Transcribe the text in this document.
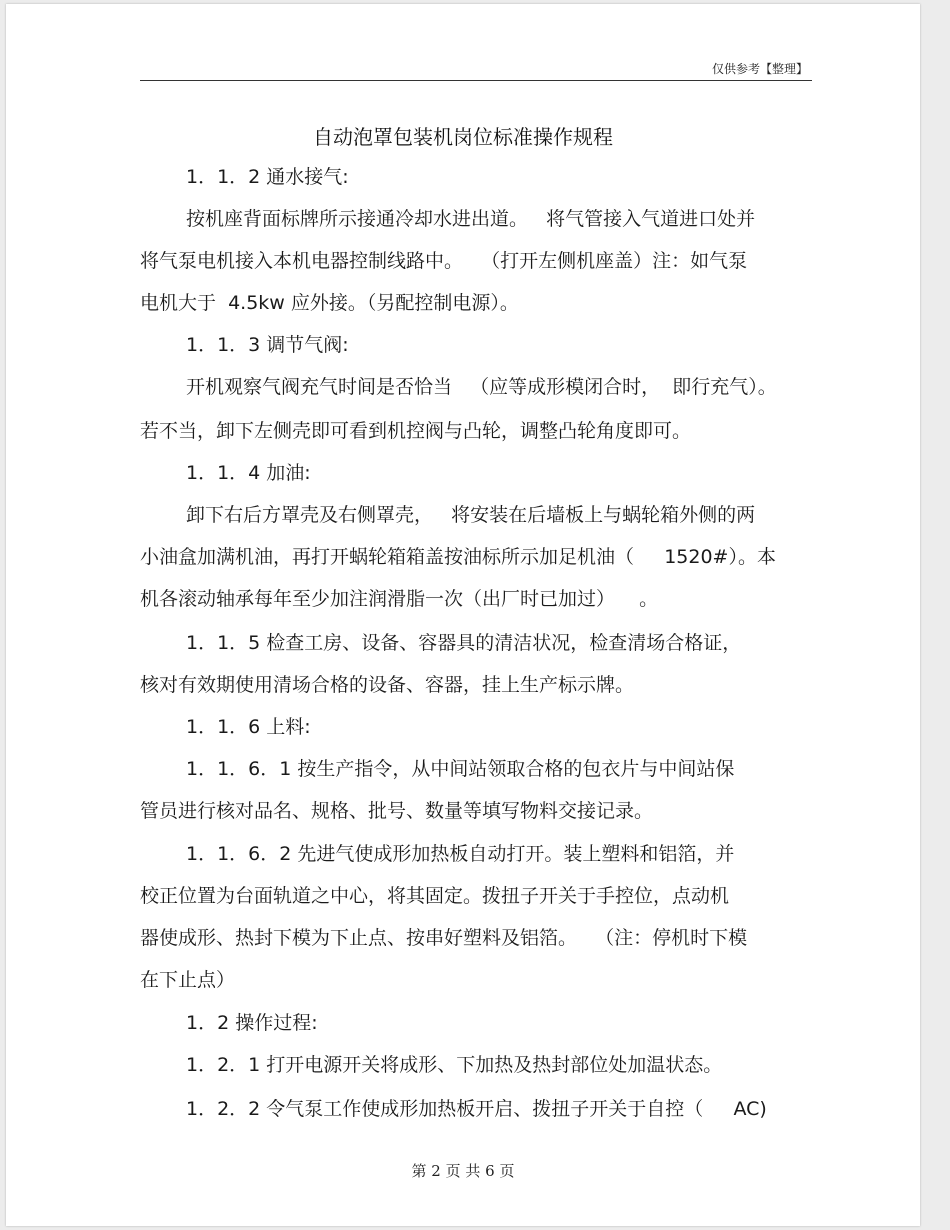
仅供参考【整理】
自动泡罩包装机岗位标准操作规程
1．1．2 通水接气:
按机座背面标牌所示接通冷却水进出道。   将气管接入气道进口处并
将气泵电机接入本机电器控制线路中。   （打开左侧机座盖）注：如气泵
电机大于  4.5kw 应外接。（另配控制电源）。
1．1．3 调节气阀:
开机观察气阀充气时间是否恰当   （应等成形模闭合时，  即行充气）。
若不当，卸下左侧壳即可看到机控阀与凸轮，调整凸轮角度即可。
1．1．4 加油:
卸下右后方罩壳及右侧罩壳，   将安装在后墙板上与蜗轮箱外侧的两
小油盒加满机油，再打开蜗轮箱箱盖按油标所示加足机油（     1520#）。本
机各滚动轴承每年至少加注润滑脂一次（出厂时已加过）    。
1．1．5 检查工房、设备、容器具的清洁状况，检查清场合格证，
核对有效期使用清场合格的设备、容器，挂上生产标示牌。
1．1．6 上料:
1．1．6．1 按生产指令，从中间站领取合格的包衣片与中间站保
管员进行核对品名、规格、批号、数量等填写物料交接记录。
1．1．6．2 先进气使成形加热板自动打开。装上塑料和铝箔，并
校正位置为台面轨道之中心，将其固定。拨扭子开关于手控位，点动机
器使成形、热封下模为下止点、按串好塑料及铝箔。   （注：停机时下模
在下止点）
1．2 操作过程:
1．2．1 打开电源开关将成形、下加热及热封部位处加温状态。
1．2．2 令气泵工作使成形加热板开启、拨扭子开关于自控（     AC)
第 2 页 共 6 页
